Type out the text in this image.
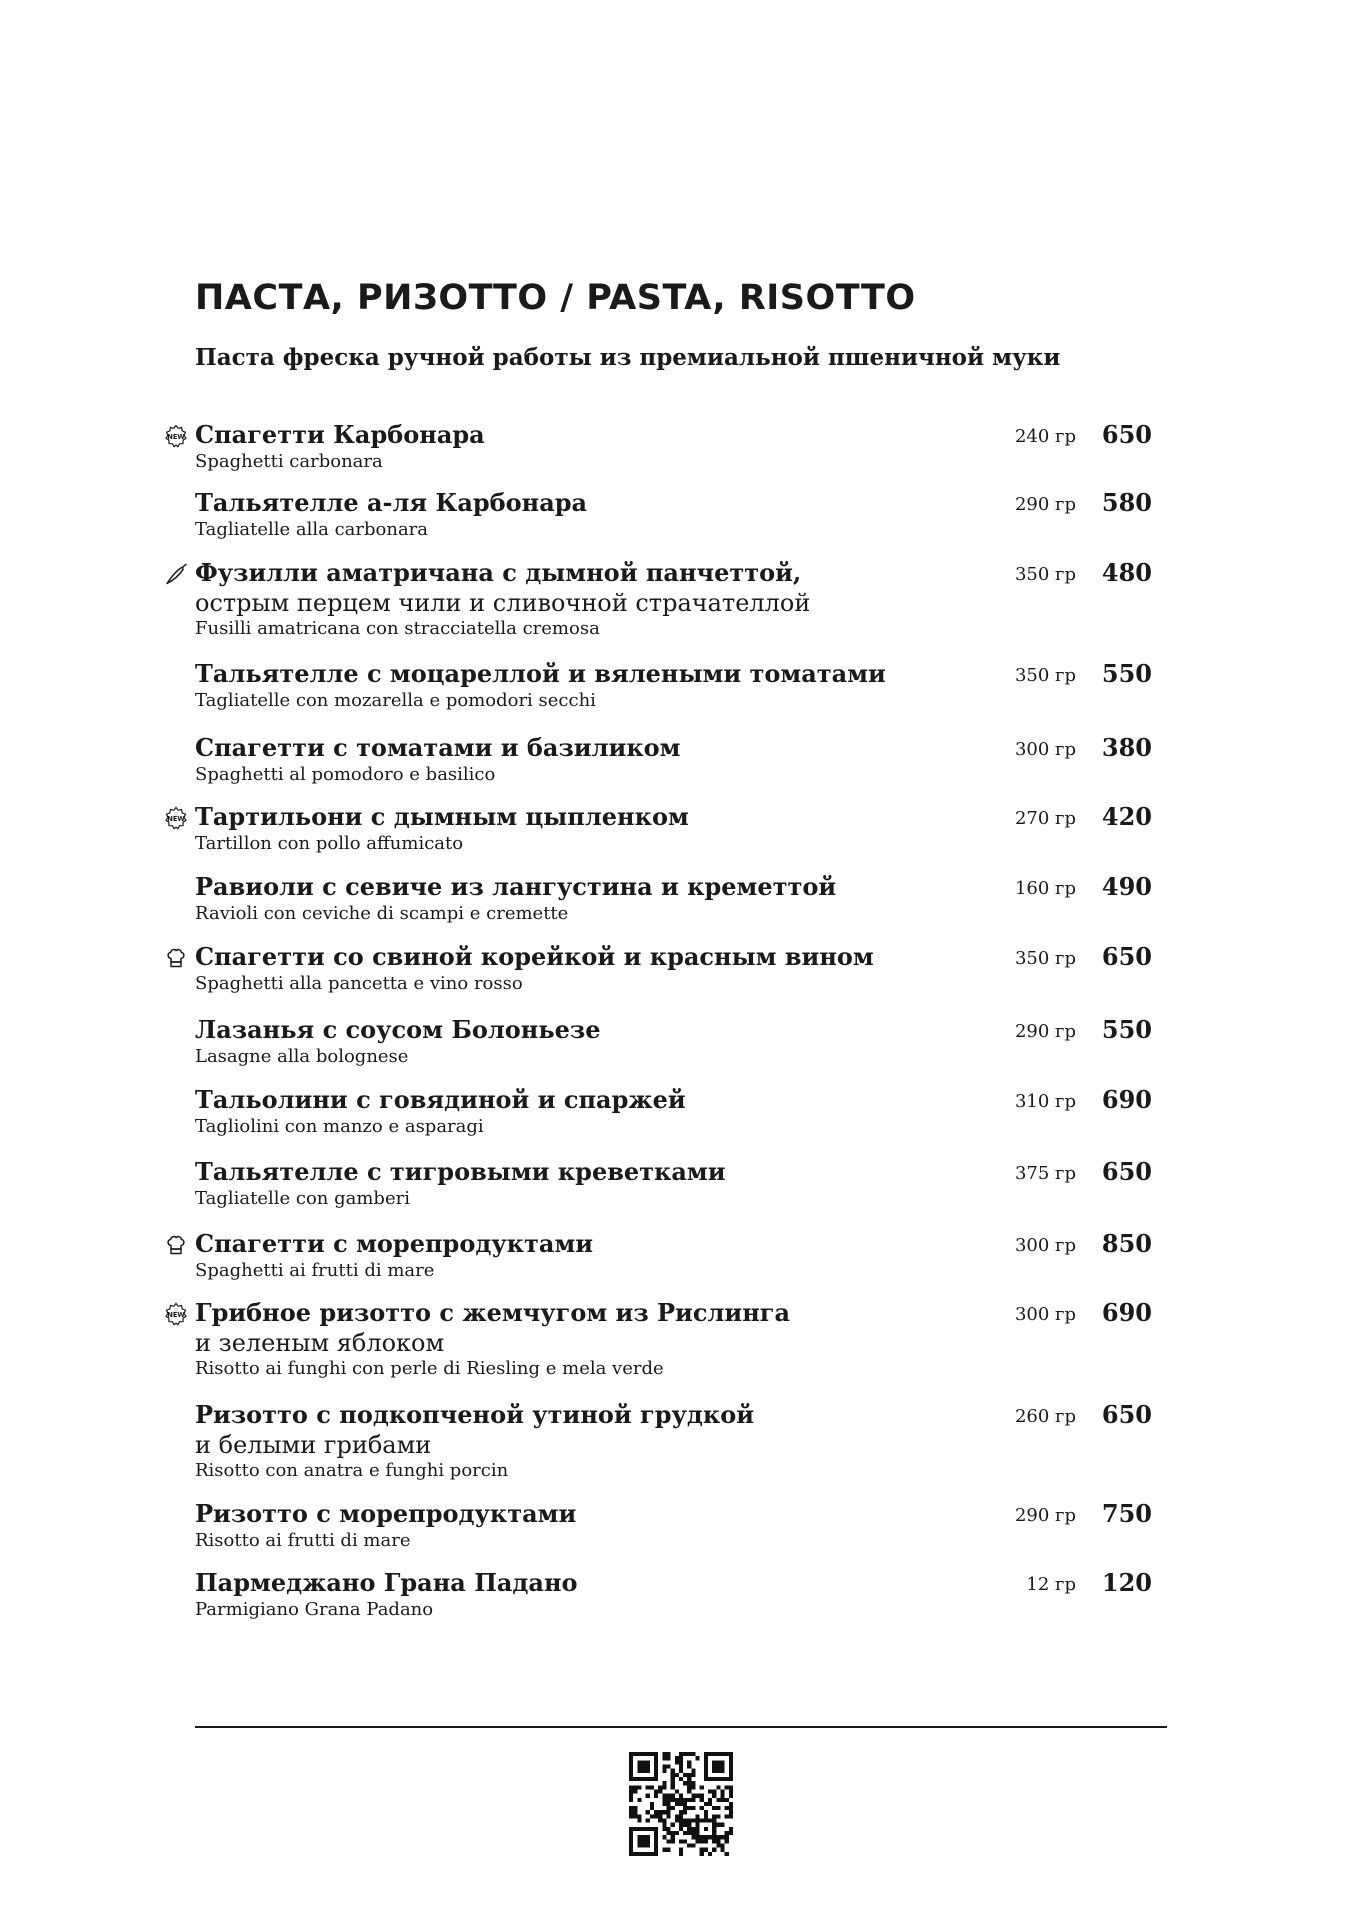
ПАСТА, РИЗОТТО / PASTA, RISOTTO
Паста фреска ручной работы из премиальной пшеничной муки
NEW Спагетти Карбонара

Spaghetti carbonara

240 гр 650

Тальятелле а-ля Карбонара

Tagliatelle alla carbonara

290 гр 580

Фузилли аматричана с дымной панчеттой,

острым перцем чили и сливочной страчателлой

Fusilli amatricana con stracciatella cremosa

350 гр 480

Тальятелле с моцареллой и вялеными томатами

Tagliatelle con mozarella e pomodori secchi

350 гр 550

Спагетти с томатами и базиликом

Spaghetti al pomodoro e basilico

300 гр 380

NEW Тартильони с дымным цыпленком

Tartillon con pollo affumicato

270 гр 420

Равиоли с севиче из лангустина и креметтой

Ravioli con ceviche di scampi e cremette

160 гр 490

Спагетти со свиной корейкой и красным вином

Spaghetti alla pancetta e vino rosso

350 гр 650

Лазанья с соусом Болоньезе

Lasagne alla bolognese

290 гр 550

Тальолини с говядиной и спаржей

Tagliolini con manzo e asparagi

310 гр 690

Тальятелле с тигровыми креветками

Tagliatelle con gamberi

375 гр 650

Спагетти с морепродуктами

Spaghetti ai frutti di mare

300 гр 850

NEW Грибное ризотто с жемчугом из Рислинга

и зеленым яблоком

Risotto ai funghi con perle di Riesling e mela verde

300 гр 690

Ризотто с подкопченой утиной грудкой

и белыми грибами

Risotto con anatra e funghi porcin

260 гр 650

Ризотто с морепродуктами

Risotto ai frutti di mare

290 гр 750

Пармеджано Грана Падано

Parmigiano Grana Padano

12 гр 120
